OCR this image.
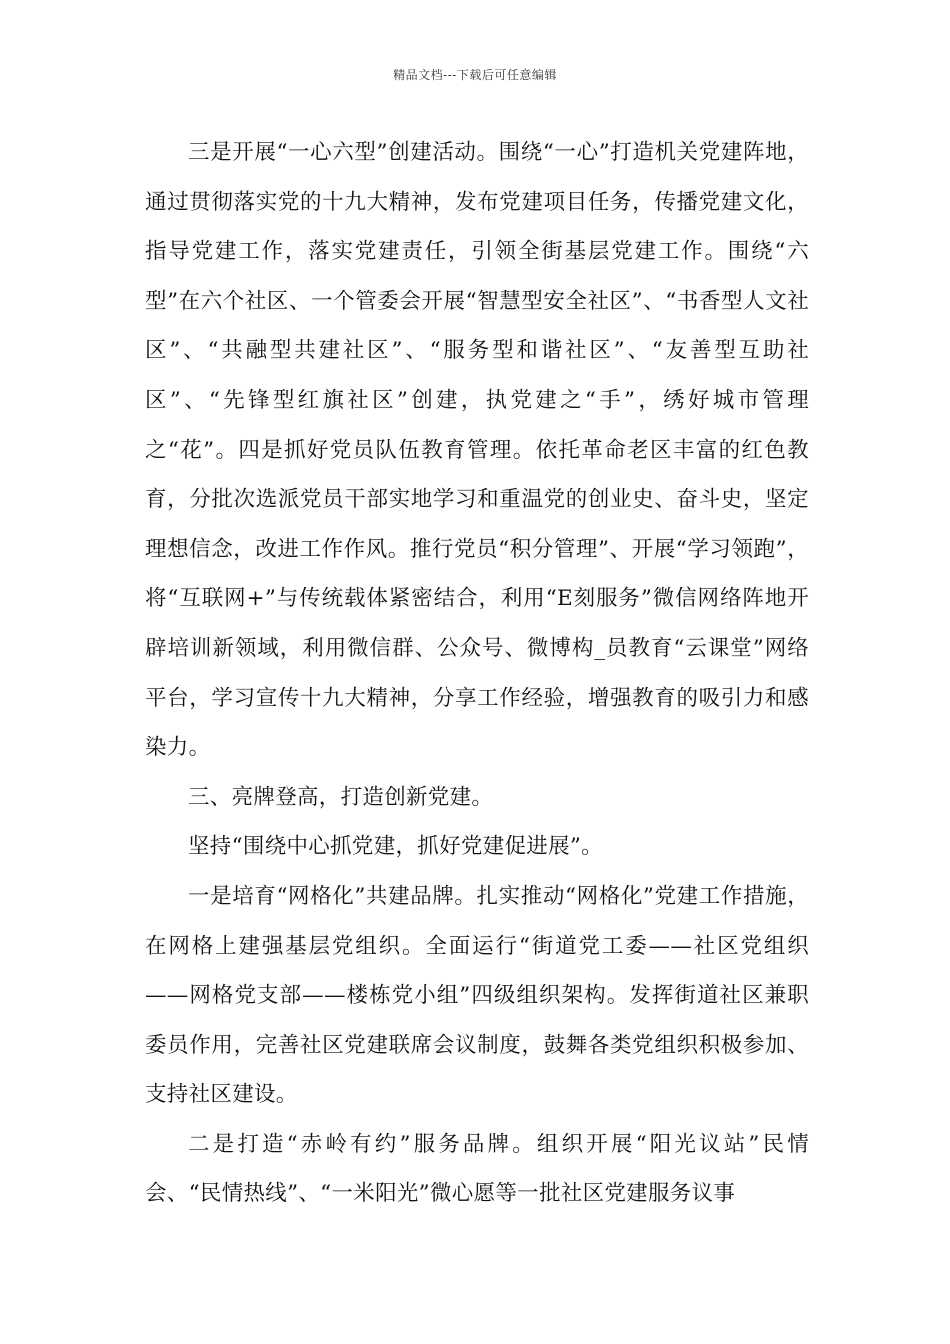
精品文档---下载后可任意编辑

三是开展“一心六型”创建活动。围绕“一心”打造机关党建阵地，通过贯彻落实党的十九大精神，发布党建项目任务，传播党建文化，指导党建工作，落实党建责任，引领全街基层党建工作。围绕“六型”在六个社区、一个管委会开展“智慧型安全社区”、“书香型人文社区”、“共融型共建社区”、“服务型和谐社区”、“友善型互助社区”、“先锋型红旗社区”创建，执党建之“手”，绣好城市管理之“花”。四是抓好党员队伍教育管理。依托革命老区丰富的红色教育，分批次选派党员干部实地学习和重温党的创业史、奋斗史，坚定理想信念，改进工作作风。推行党员“积分管理”、开展“学习领跑”，将“互联网+”与传统载体紧密结合，利用“E刻服务”微信网络阵地开辟培训新领域，利用微信群、公众号、微博构_员教育“云课堂”网络平台，学习宣传十九大精神，分享工作经验，增强教育的吸引力和感染力。

三、亮牌登高，打造创新党建。

坚持“围绕中心抓党建，抓好党建促进展”。

一是培育“网格化”共建品牌。扎实推动“网格化”党建工作措施，在网格上建强基层党组织。全面运行“街道党工委——社区党组织——网格党支部——楼栋党小组”四级组织架构。发挥街道社区兼职委员作用，完善社区党建联席会议制度，鼓舞各类党组织积极参加、支持社区建设。

二是打造“赤岭有约”服务品牌。组织开展“阳光议站”民情会、“民情热线”、“一米阳光”微心愿等一批社区党建服务议事
